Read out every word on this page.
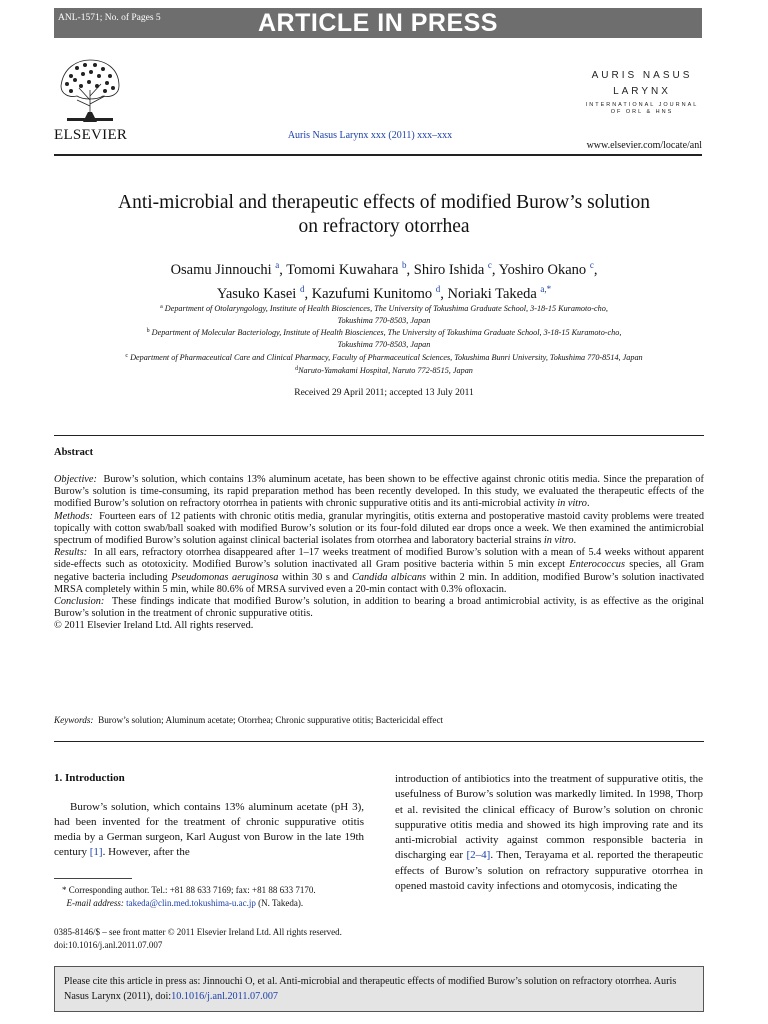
ANL-1571; No. of Pages 5	ARTICLE IN PRESS
ELSEVIER	Auris Nasus Larynx xxx (2011) xxx–xxx
AURIS NASUS
LARYNX
INTERNATIONAL JOURNAL
OF ORL & HNS
www.elsevier.com/locate/anl
Anti-microbial and therapeutic effects of modified Burow’s solution
on refractory otorrhea
Osamu Jinnouchi $^a$, Tomomi Kuwahara $^b$, Shiro Ishida $^c$, Yoshiro Okano $^c$,
Yasuko Kasei $^d$, Kazufumi Kunitomo $^d$, Noriaki Takeda $^{a,*}$
$^a$ Department of Otolaryngology, Institute of Health Biosciences, The University of Tokushima Graduate School, 3-18-15 Kuramoto-cho,
Tokushima 770-8503, Japan
$^b$ Department of Molecular Bacteriology, Institute of Health Biosciences, The University of Tokushima Graduate School, 3-18-15 Kuramoto-cho,
Tokushima 770-8503, Japan
$^c$ Department of Pharmaceutical Care and Clinical Pharmacy, Faculty of Pharmaceutical Sciences, Tokushima Bunri University, Tokushima 770-8514, Japan
$^d$Naruto-Yamakami Hospital, Naruto 772-8515, Japan
Received 29 April 2011; accepted 13 July 2011
Abstract

Objective: Burow’s solution, which contains 13% aluminum acetate, has been shown to be effective against chronic otitis media. Since the preparation of Burow’s solution is time-consuming, its rapid preparation method has been recently developed. In this study, we evaluated the therapeutic effects of the modified Burow’s solution on refractory otorrhea in patients with chronic suppurative otitis and its anti-microbial activity in vitro.

Methods: Fourteen ears of 12 patients with chronic otitis media, granular myringitis, otitis externa and postoperative mastoid cavity problems were treated topically with cotton swab/ball soaked with modified Burow’s solution or its four-fold diluted ear drops once a week. We then examined the antimicrobial spectrum of modified Burow’s solution against clinical bacterial isolates from otorrhea and laboratory bacterial strains in vitro.

Results: In all ears, refractory otorrhea disappeared after 1–17 weeks treatment of modified Burow’s solution with a mean of 5.4 weeks without apparent side-effects such as ototoxicity. Modified Burow’s solution inactivated all Gram positive bacteria within 5 min except Enterococcus species, all Gram negative bacteria including Pseudomonas aeruginosa within 30 s and Candida albicans within 2 min. In addition, modified Burow’s solution inactivated MRSA completely within 5 min, while 80.6% of MRSA survived even a 20-min contact with 0.3% ofloxacin.

Conclusion: These findings indicate that modified Burow’s solution, in addition to bearing a broad antimicrobial activity, is as effective as the original Burow’s solution in the treatment of chronic suppurative otitis.

© 2011 Elsevier Ireland Ltd. All rights reserved.

Keywords: Burow’s solution; Aluminum acetate; Otorrhea; Chronic suppurative otitis; Bactericidal effect
1. Introduction
Burow’s solution, which contains 13% aluminum acetate (pH 3), had been invented for the treatment of chronic suppurative otitis media by a German surgeon, Karl August von Burow in the late 19th century [1]. However, after the
introduction of antibiotics into the treatment of suppurative otitis, the usefulness of Burow’s solution was markedly limited. In 1998, Thorp et al. revisited the clinical efficacy of Burow’s solution on chronic suppurative otitis media and showed its high improving rate and its anti-microbial activity against common responsible bacteria in discharging ear [2–4]. Then, Terayama et al. reported the therapeutic effects of Burow’s solution on refractory suppurative otorrhea in opened mastoid cavity infections and otomycosis, indicating the
* Corresponding author. Tel.: +81 88 633 7169; fax: +81 88 633 7170.
E-mail address: takeda@clin.med.tokushima-u.ac.jp (N. Takeda).
0385-8146/$ – see front matter © 2011 Elsevier Ireland Ltd. All rights reserved.
doi:10.1016/j.anl.2011.07.007
Please cite this article in press as: Jinnouchi O, et al. Anti-microbial and therapeutic effects of modified Burow’s solution on refractory otorrhea. Auris Nasus Larynx (2011), doi:10.1016/j.anl.2011.07.007
